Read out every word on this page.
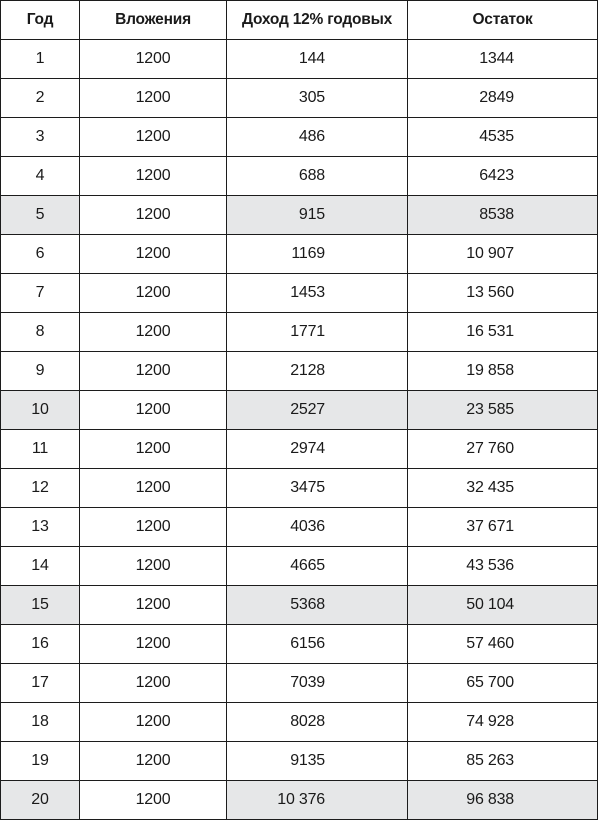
Год	Вложения	Доход 12% годовых	Остаток
1	1200	144	1344
2	1200	305	2849
3	1200	486	4535
4	1200	688	6423
5	1200	915	8538
6	1200	1169	10 907
7	1200	1453	13 560
8	1200	1771	16 531
9	1200	2128	19 858
10	1200	2527	23 585
11	1200	2974	27 760
12	1200	3475	32 435
13	1200	4036	37 671
14	1200	4665	43 536
15	1200	5368	50 104
16	1200	6156	57 460
17	1200	7039	65 700
18	1200	8028	74 928
19	1200	9135	85 263
20	1200	10 376	96 838
